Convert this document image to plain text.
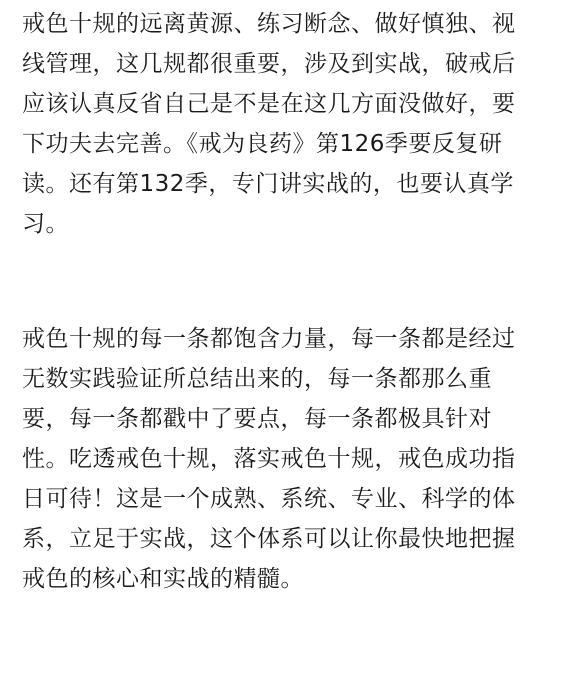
戒色十规的远离黄源、练习断念、做好慎独、视
线管理，这几规都很重要，涉及到实战，破戒后
应该认真反省自己是不是在这几方面没做好，要
下功夫去完善。《戒为良药》第126季要反复研
读。还有第132季，专门讲实战的，也要认真学
习。
戒色十规的每一条都饱含力量，每一条都是经过
无数实践验证所总结出来的，每一条都那么重
要，每一条都戳中了要点，每一条都极具针对
性。吃透戒色十规，落实戒色十规，戒色成功指
日可待！这是一个成熟、系统、专业、科学的体
系，立足于实战，这个体系可以让你最快地把握
戒色的核心和实战的精髓。
